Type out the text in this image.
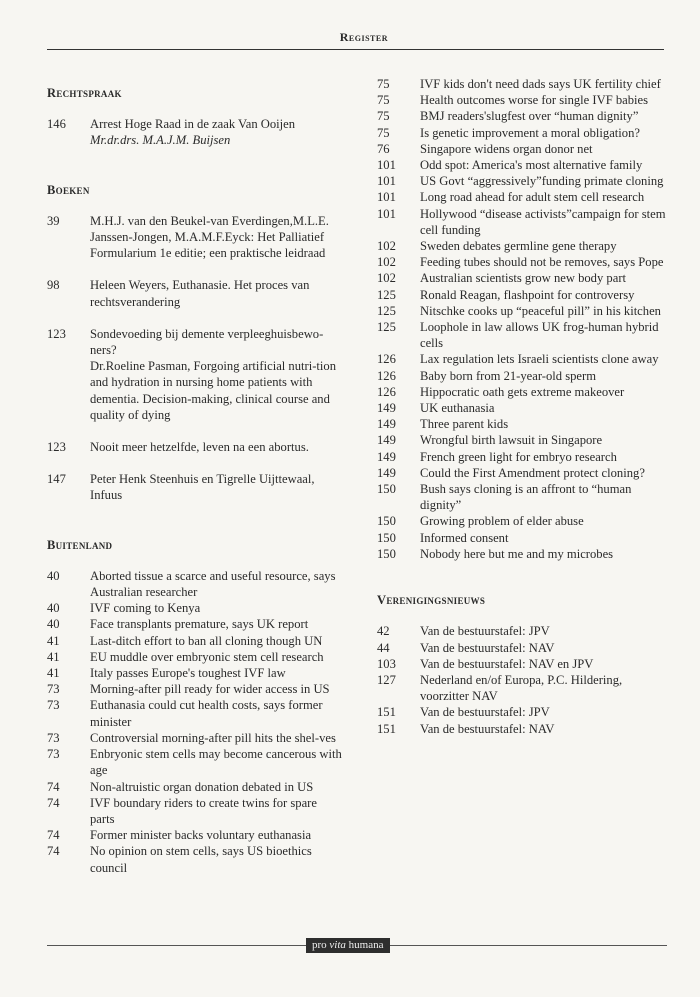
Register
Rechtspraak
146	Arrest Hoge Raad in de zaak Van Ooijen
Mr.dr.drs. M.A.J.M. Buijsen
Boeken
39	M.H.J. van den Beukel-van Everdingen,M.L.E. Janssen-Jongen, M.A.M.F.Eyck: Het Palliatief Formularium 1e editie; een praktische leidraad
98	Heleen Weyers, Euthanasie. Het proces van rechtsverandering
123	Sondevoeding bij demente verpleeghuisbewo-ners?
Dr.Roeline Pasman, Forgoing artificial nutri-tion and hydration in nursing home patients with dementia. Decision-making, clinical course and quality of dying
123	Nooit meer hetzelfde, leven na een abortus.
147	Peter Henk Steenhuis en Tigrelle Uijttewaal, Infuus
Buitenland
40	Aborted tissue a scarce and useful resource, says Australian researcher
40	IVF coming to Kenya
40	Face transplants premature, says UK report
41	Last-ditch effort to ban all cloning though UN
41	EU muddle over embryonic stem cell research
41	Italy passes Europe's toughest IVF law
73	Morning-after pill ready for wider access in US
73	Euthanasia could cut health costs, says former minister
73	Controversial morning-after pill hits the shel-ves
73	Enbryonic stem cells may become cancerous with age
74	Non-altruistic organ donation debated in US
74	IVF boundary riders to create twins for spare parts
74	Former minister backs voluntary euthanasia
74	No opinion on stem cells, says US bioethics council
75	IVF kids don't need dads says UK fertility chief
75	Health outcomes worse for single IVF babies
75	BMJ readers'slugfest over “human dignity”
75	Is genetic improvement a moral obligation?
76	Singapore widens organ donor net
101	Odd spot: America's most alternative family
101	US Govt “aggressively”funding primate cloning
101	Long road ahead for adult stem cell research
101	Hollywood “disease activists”campaign for stem cell funding
102	Sweden debates germline gene therapy
102	Feeding tubes should not be removes, says Pope
102	Australian scientists grow new body part
125	Ronald Reagan, flashpoint for controversy
125	Nitschke cooks up “peaceful pill” in his kitchen
125	Loophole in law allows UK frog-human hybrid cells
126	Lax regulation lets Israeli scientists clone away
126	Baby born from 21-year-old sperm
126	Hippocratic oath gets extreme makeover
149	UK euthanasia
149	Three parent kids
149	Wrongful birth lawsuit in Singapore
149	French green light for embryo research
149	Could the First Amendment protect cloning?
150	Bush says cloning is an affront to “human dignity”
150	Growing problem of elder abuse
150	Informed consent
150	Nobody here but me and my microbes
Verenigingsnieuws
42	Van de bestuurstafel: JPV
44	Van de bestuurstafel: NAV
103	Van de bestuurstafel: NAV en JPV
127	Nederland en/of Europa, P.C. Hildering, voorzitter NAV
151	Van de bestuurstafel: JPV
151	Van de bestuurstafel: NAV
pro vita humana
